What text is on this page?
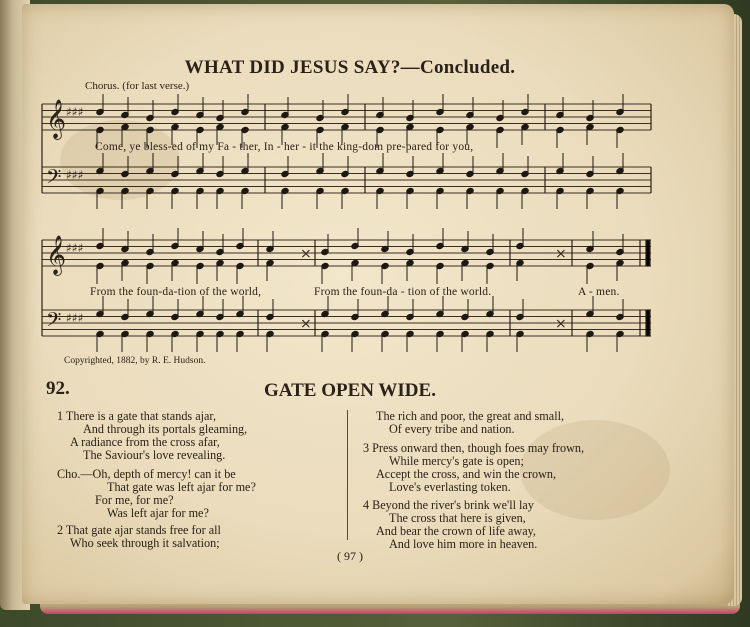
𝄞 ♯♯♯
𝄢 ♯♯♯
𝄞 ♯♯♯
𝄢 ♯♯♯
×
×
×
×
WHAT DID JESUS SAY?—Concluded.
Chorus. (for last verse.)
Come, ye bless-ed of my Fa - ther, In - her - it the king-dom pre-pared for you,
From the foun-da-tion of the world,	From the foun-da - tion of the world.	A - men.
Copyrighted, 1882, by R. E. Hudson.
92.	GATE OPEN WIDE.
1 There is a gate that stands ajar,
And through its portals gleaming,
A radiance from the cross afar,
The Saviour's love revealing.
Cho.—Oh, depth of mercy! can it be
That gate was left ajar for me?
For me, for me?
Was left ajar for me?
2 That gate ajar stands free for all
Who seek through it salvation;
The rich and poor, the great and small,
Of every tribe and nation.
3 Press onward then, though foes may frown,
While mercy's gate is open;
Accept the cross, and win the crown,
Love's everlasting token.
4 Beyond the river's brink we'll lay
The cross that here is given,
And bear the crown of life away,
And love him more in heaven.
( 97 )
